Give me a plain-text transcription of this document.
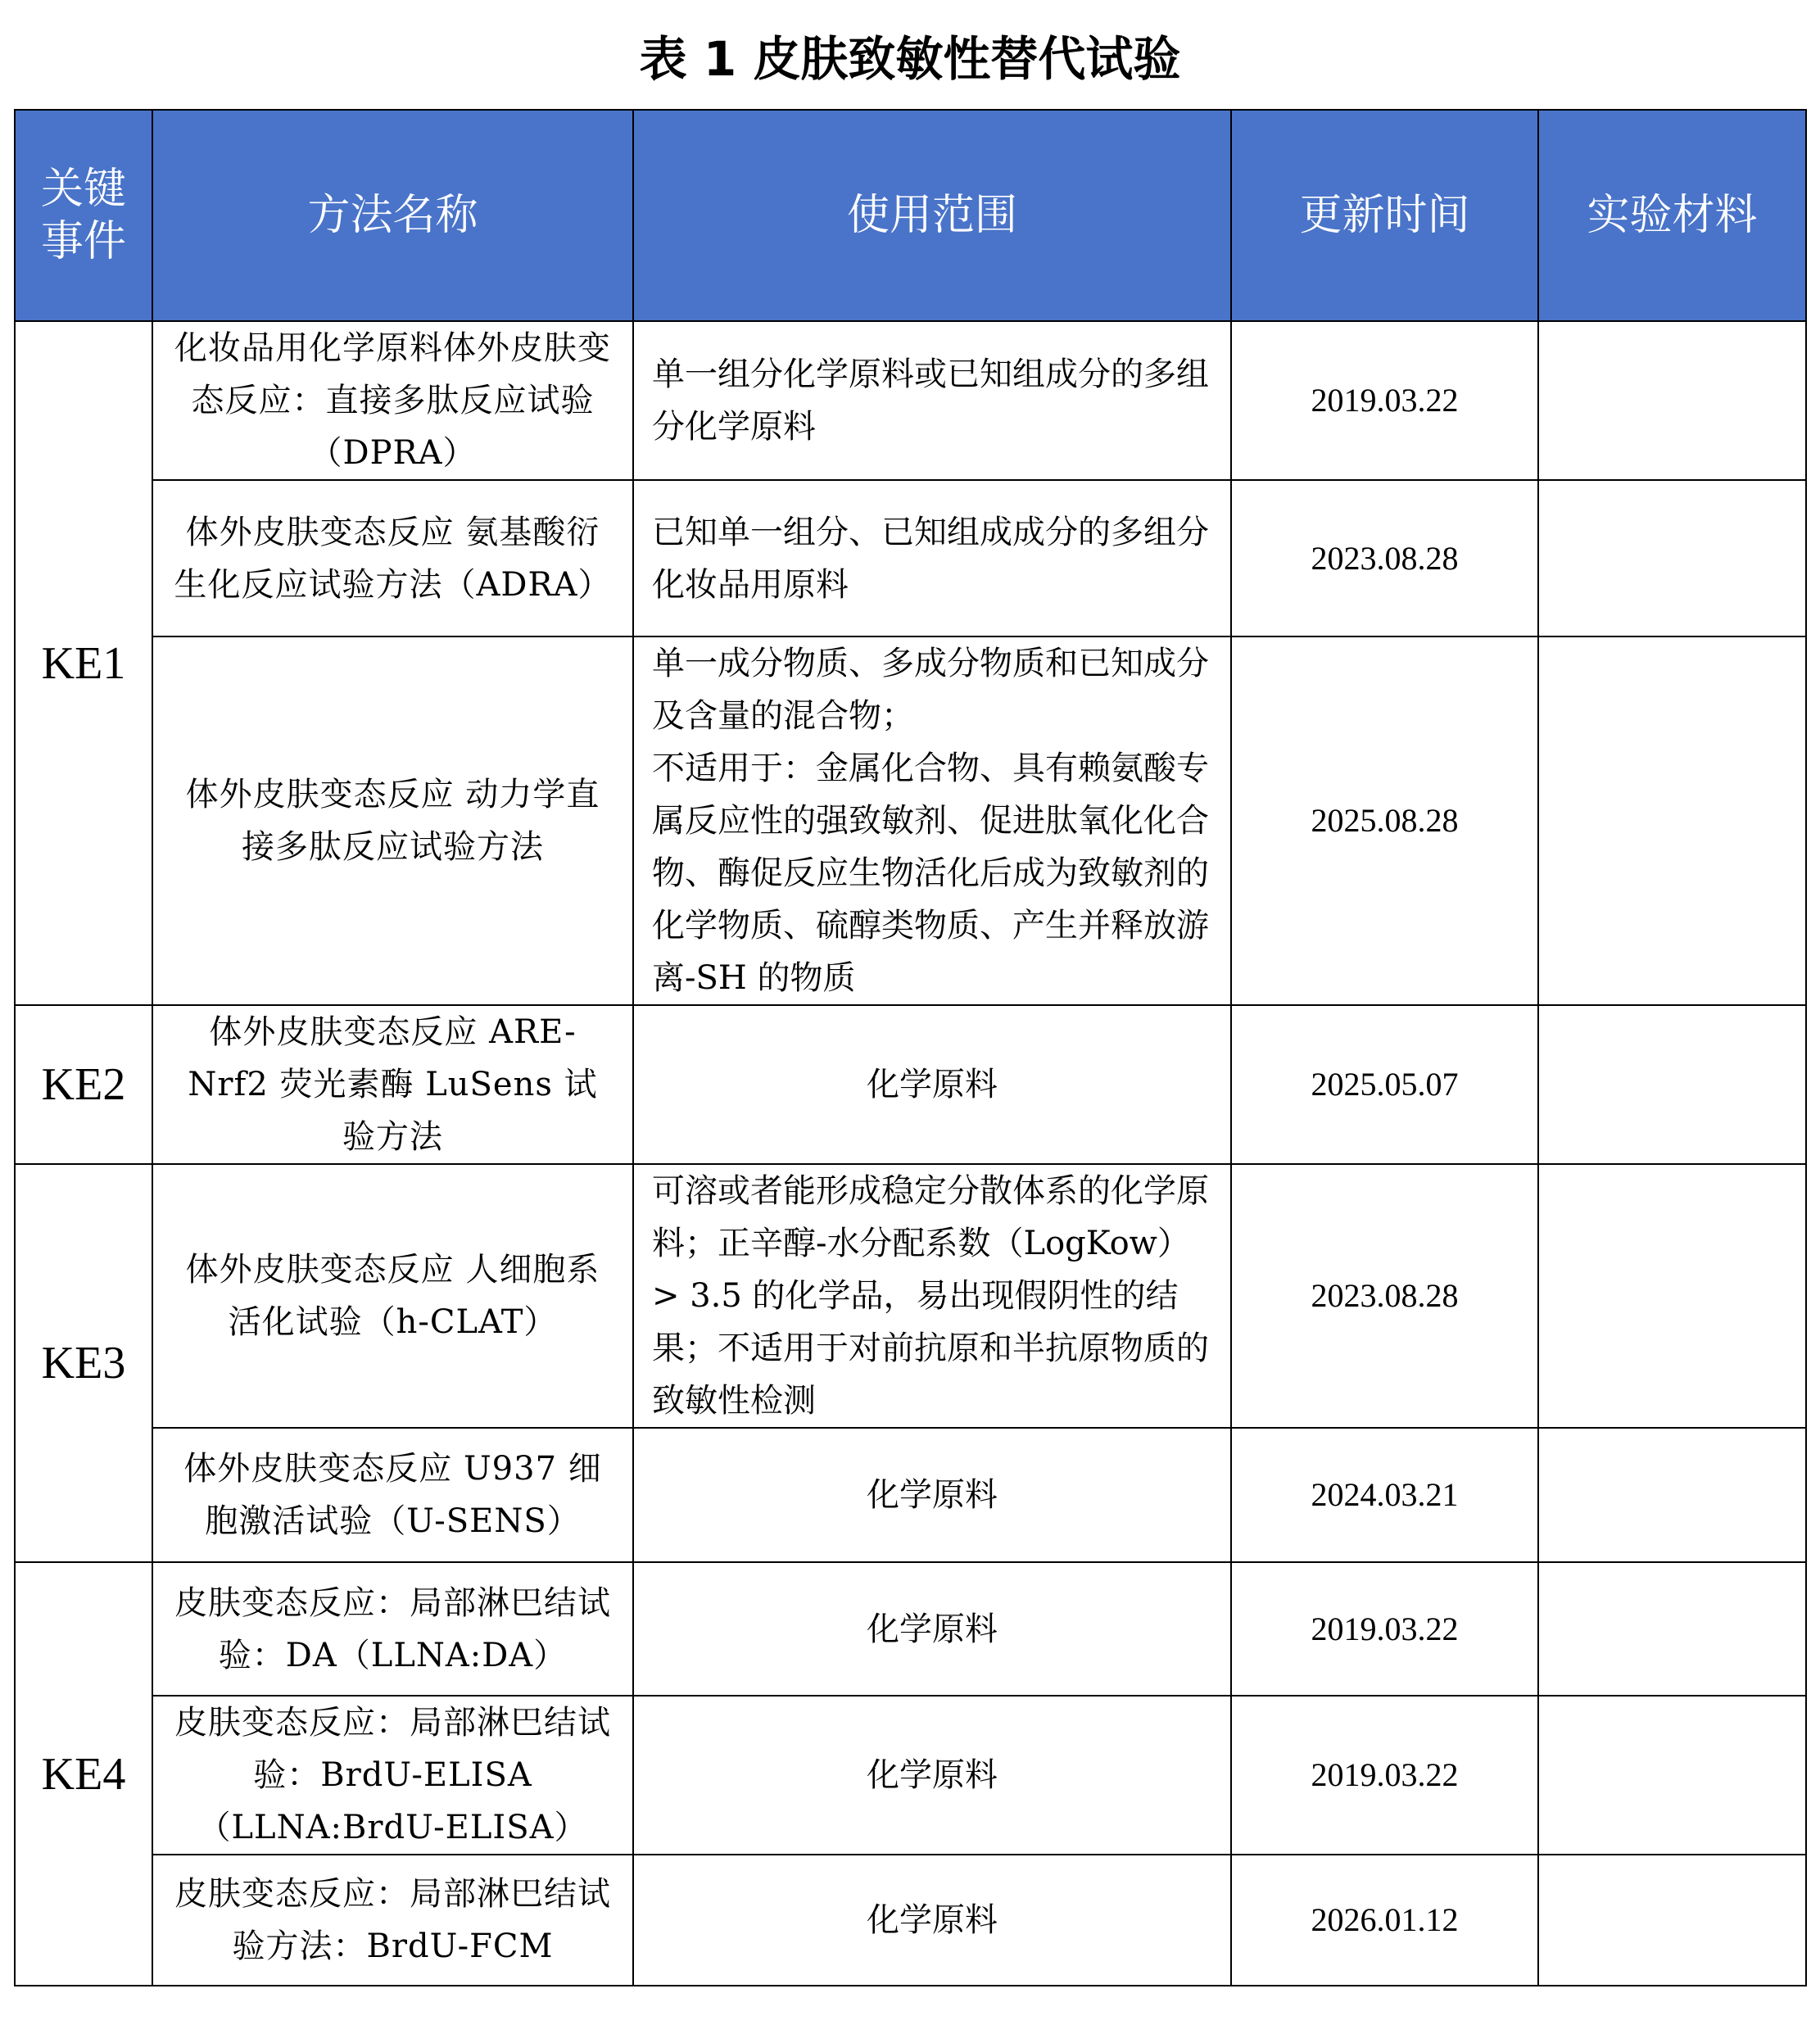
表 1 皮肤致敏性替代试验
关键
事件	方法名称	使用范围	更新时间	实验材料
KE1	化妆品用化学原料体外皮肤变态反应：直接多肽反应试验（DPRA）	单一组分化学原料或已知组成分的多组分化学原料	2019.03.22	
	体外皮肤变态反应 氨基酸衍生化反应试验方法（ADRA）	已知单一组分、已知组成成分的多组分化妆品用原料	2023.08.28	
	体外皮肤变态反应 动力学直接多肽反应试验方法	单一成分物质、多成分物质和已知成分及含量的混合物；
不适用于：金属化合物、具有赖氨酸专属反应性的强致敏剂、促进肽氧化化合物、酶促反应生物活化后成为致敏剂的化学物质、硫醇类物质、产生并释放游离-SH 的物质	2025.08.28	
KE2	体外皮肤变态反应 ARE-Nrf2 荧光素酶 LuSens 试验方法	化学原料	2025.05.07	
KE3	体外皮肤变态反应 人细胞系活化试验（h-CLAT）	可溶或者能形成稳定分散体系的化学原料；正辛醇-水分配系数（LogKow）> 3.5 的化学品，易出现假阴性的结果；不适用于对前抗原和半抗原物质的致敏性检测	2023.08.28	
	体外皮肤变态反应 U937 细胞激活试验（U-SENS）	化学原料	2024.03.21	
KE4	皮肤变态反应：局部淋巴结试验：DA（LLNA:DA）	化学原料	2019.03.22	
	皮肤变态反应：局部淋巴结试验：BrdU-ELISA（LLNA:BrdU-ELISA）	化学原料	2019.03.22	
	皮肤变态反应：局部淋巴结试验方法：BrdU-FCM	化学原料	2026.01.12	
